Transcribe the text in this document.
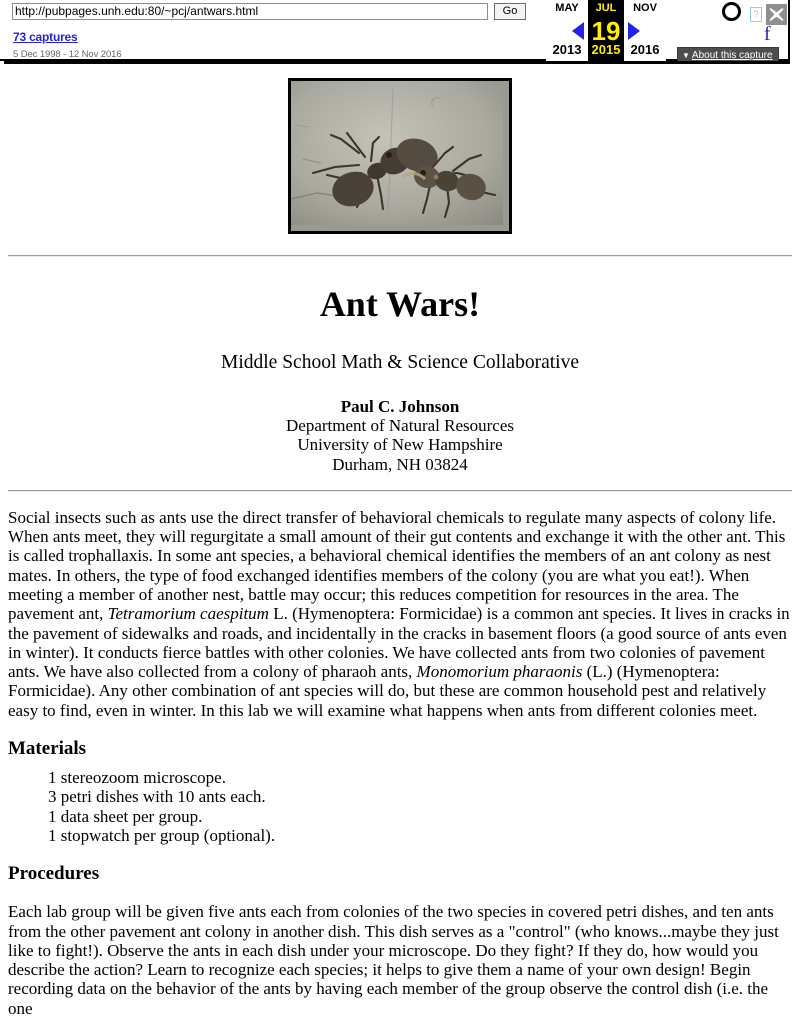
http://pubpages.unh.edu:80/~pcj/antwars.html
Go
73 captures
5 Dec 1998 - 12 Nov 2016
MAY
2013
JUL
19
2015
NOV
2016
?
f
▼ About this capture
Ant Wars!
Middle School Math & Science Collaborative
Paul C. Johnson
Department of Natural Resources
University of New Hampshire
Durham, NH 03824

Social insects such as ants use the direct transfer of behavioral chemicals to regulate many aspects of colony life. When ants meet, they will regurgitate a small amount of their gut contents and exchange it with the other ant. This is called trophallaxis. In some ant species, a behavioral chemical identifies the members of an ant colony as nest mates. In others, the type of food exchanged identifies members of the colony (you are what you eat!). When meeting a member of another nest, battle may occur; this reduces competition for resources in the area. The pavement ant, Tetramorium caespitum L. (Hymenoptera: Formicidae) is a common ant species. It lives in cracks in the pavement of sidewalks and roads, and incidentally in the cracks in basement floors (a good source of ants even in winter). It conducts fierce battles with other colonies. We have collected ants from two colonies of pavement ants. We have also collected from a colony of pharaoh ants, Monomorium pharaonis (L.) (Hymenoptera: Formicidae). Any other combination of ant species will do, but these are common household pest and relatively easy to find, even in winter. In this lab we will examine what happens when ants from different colonies meet.

Materials
1 stereozoom microscope.
3 petri dishes with 10 ants each.
1 data sheet per group.
1 stopwatch per group (optional).
Procedures

Each lab group will be given five ants each from colonies of the two species in covered petri dishes, and ten ants from the other pavement ant colony in another dish. This dish serves as a "control" (who knows...maybe they just like to fight!). Observe the ants in each dish under your microscope. Do they fight? If they do, how would you describe the action? Learn to recognize each species; it helps to give them a name of your own design! Begin recording data on the behavior of the ants by having each member of the group observe the control dish (i.e. the one
